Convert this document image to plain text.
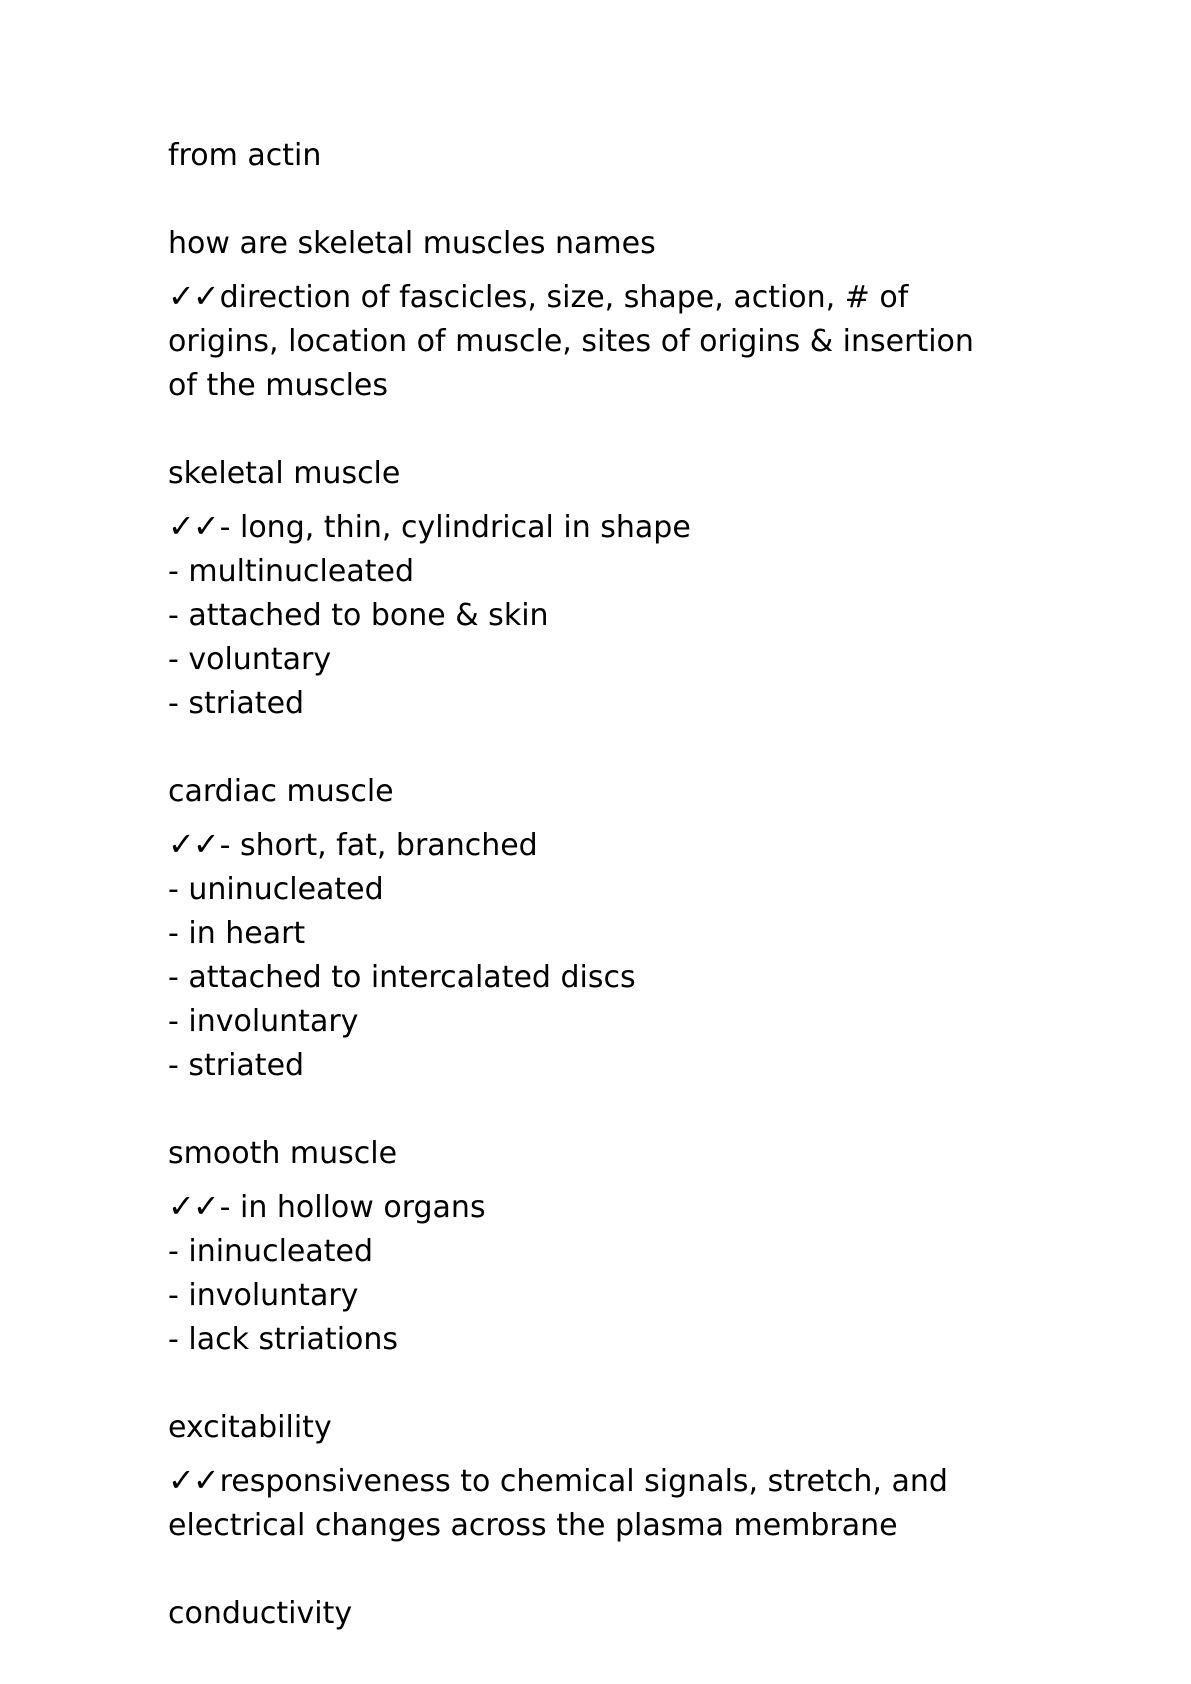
from actin

how are skeletal muscles names

✓✓direction of fascicles, size, shape, action, # of

origins, location of muscle, sites of origins & insertion

of the muscles

skeletal muscle

✓✓- long, thin, cylindrical in shape

- multinucleated

- attached to bone & skin

- voluntary

- striated

cardiac muscle

✓✓- short, fat, branched

- uninucleated

- in heart

- attached to intercalated discs

- involuntary

- striated

smooth muscle

✓✓- in hollow organs

- ininucleated

- involuntary

- lack striations

excitability

✓✓responsiveness to chemical signals, stretch, and

electrical changes across the plasma membrane

conductivity
